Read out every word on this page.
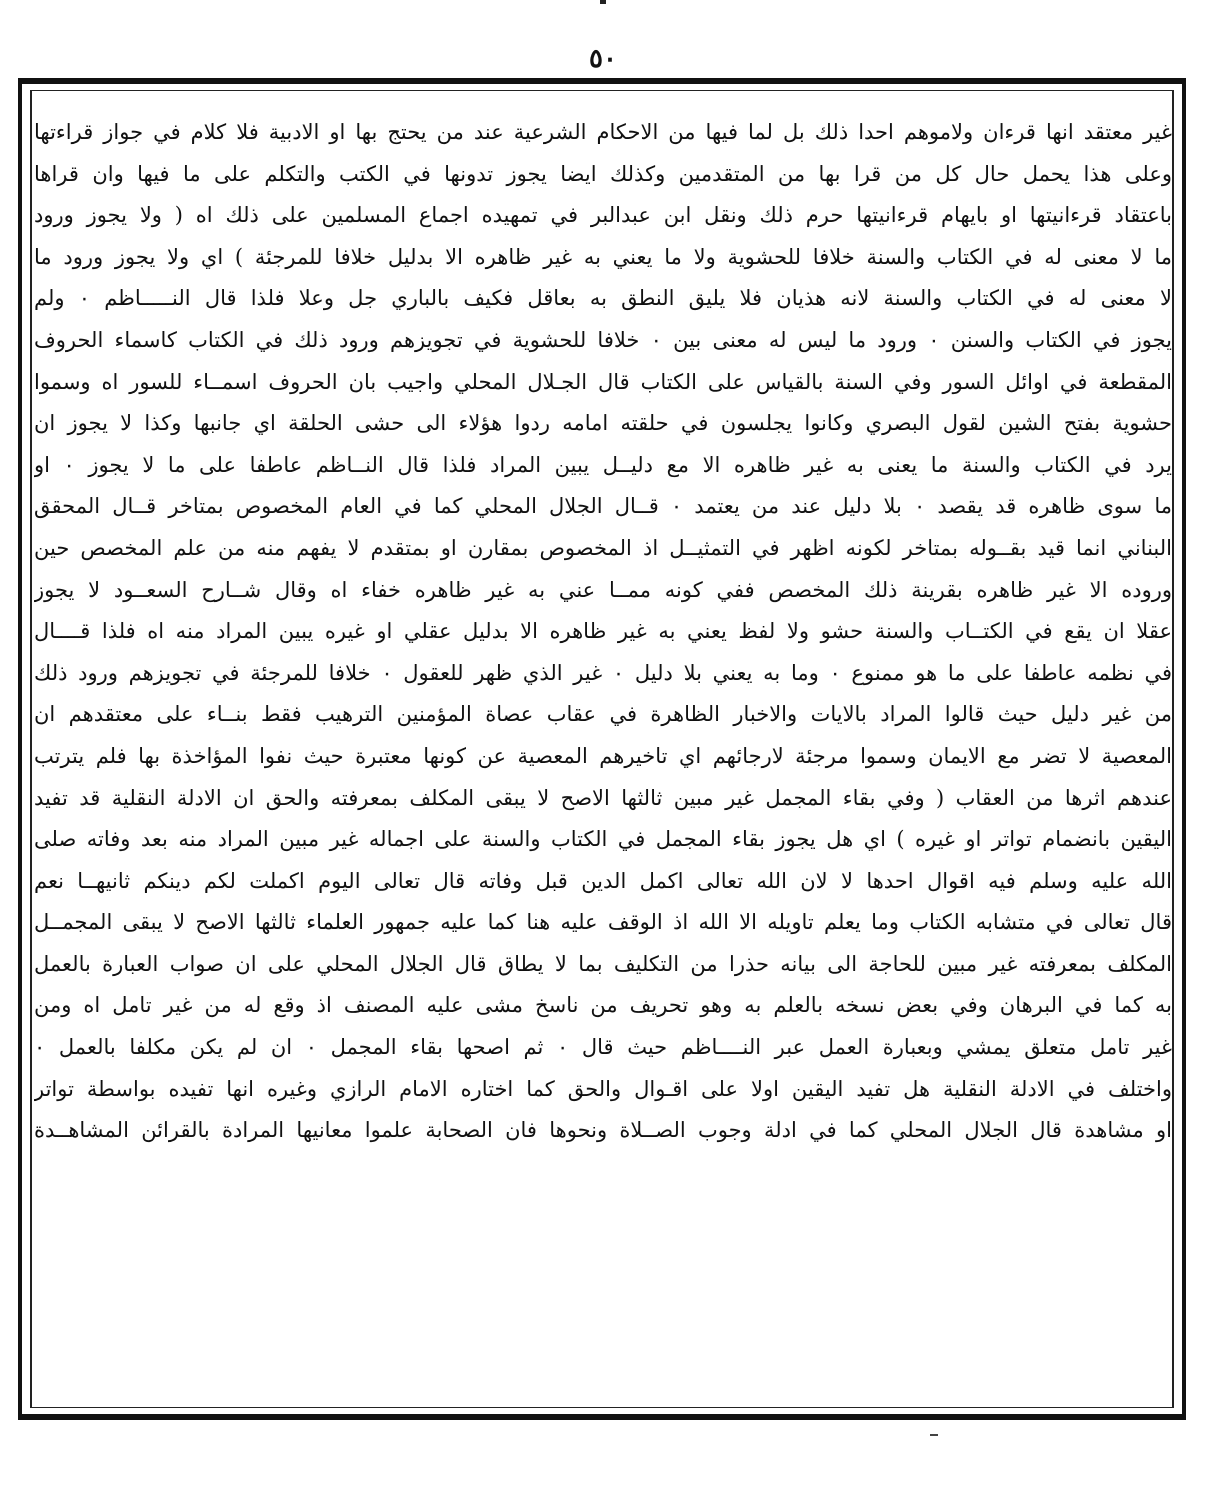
٥٠
غير معتقد انها قرءان ولاموهم احدا ذلك بل لما فيها من الاحكام الشرعية عند من يحتج بها او الادبية فلا كلام في جواز قراءتها
وعلى هذا يحمل حال كل من قرا بها من المتقدمين وكذلك ايضا يجوز تدونها في الكتب والتكلم على ما فيها وان قراها
باعتقاد قرءانيتها او بايهام قرءانيتها حرم ذلك ونقل ابن عبدالبر في تمهيده اجماع المسلمين على ذلك اه ( ولا يجوز ورود
ما لا معنى له في الكتاب والسنة خلافا للحشوية ولا ما يعني به غير ظاهره الا بدليل خلافا للمرجئة ) اي ولا يجوز ورود ما
لا معنى له في الكتاب والسنة لانه هذيان فلا يليق النطق به بعاقل فكيف بالباري جل وعلا فلذا قال النـــــاظم ۰ ولم
يجوز في الكتاب والسنن ۰ ورود ما ليس له معنى بين ۰ خلافا للحشوية في تجويزهم ورود ذلك في الكتاب كاسماء الحروف
المقطعة في اوائل السور وفي السنة بالقياس على الكتاب قال الجـلال المحلي واجيب بان الحروف اسمــاء للسور اه وسموا
حشوية بفتح الشين لقول البصري وكانوا يجلسون في حلقته امامه ردوا هؤلاء الى حشى الحلقة اي جانبها وكذا لا يجوز ان
يرد في الكتاب والسنة ما يعنى به غير ظاهره الا مع دليــل يبين المراد فلذا قال النــاظم عاطفا على ما لا يجوز ۰ او
ما سوى ظاهره قد يقصد ۰ بلا دليل عند من يعتمد ۰ قــال الجلال المحلي كما في العام المخصوص بمتاخر قــال المحقق
البناني انما قيد بقــوله بمتاخر لكونه اظهر في التمثيــل اذ المخصوص بمقارن او بمتقدم لا يفهم منه من علم المخصص حين
وروده الا غير ظاهره بقرينة ذلك المخصص ففي كونه ممــا عني به غير ظاهره خفاء اه وقال شــارح السعــود لا يجوز
عقلا ان يقع في الكتــاب والسنة حشو ولا لفظ يعني به غير ظاهره الا بدليل عقلي او غيره يبين المراد منه اه فلذا قــــال
في نظمه عاطفا على ما هو ممنوع ۰ وما به يعني بلا دليل ۰ غير الذي ظهر للعقول ۰ خلافا للمرجئة في تجويزهم ورود ذلك
من غير دليل حيث قالوا المراد بالايات والاخبار الظاهرة في عقاب عصاة المؤمنين الترهيب فقط بنــاء على معتقدهم ان
المعصية لا تضر مع الايمان وسموا مرجئة لارجائهم اي تاخيرهم المعصية عن كونها معتبرة حيث نفوا المؤاخذة بها فلم يترتب
عندهم اثرها من العقاب ( وفي بقاء المجمل غير مبين ثالثها الاصح لا يبقى المكلف بمعرفته والحق ان الادلة النقلية قد تفيد
اليقين بانضمام تواتر او غيره ) اي هل يجوز بقاء المجمل في الكتاب والسنة على اجماله غير مبين المراد منه بعد وفاته صلى
الله عليه وسلم فيه اقوال احدها لا لان الله تعالى اكمل الدين قبل وفاته قال تعالى اليوم اكملت لكم دينكم ثانيهــا نعم
قال تعالى في متشابه الكتاب وما يعلم تاويله الا الله اذ الوقف عليه هنا كما عليه جمهور العلماء ثالثها الاصح لا يبقى المجمــل
المكلف بمعرفته غير مبين للحاجة الى بيانه حذرا من التكليف بما لا يطاق قال الجلال المحلي على ان صواب العبارة بالعمل
به كما في البرهان وفي بعض نسخه بالعلم به وهو تحريف من ناسخ مشى عليه المصنف اذ وقع له من غير تامل اه ومن
غير تامل متعلق يمشي وبعبارة العمل عبر النــــاظم حيث قال ۰ ثم اصحها بقاء المجمل ۰ ان لم يكن مكلفا بالعمل ۰
واختلف في الادلة النقلية هل تفيد اليقين اولا على اقـوال والحق كما اختاره الامام الرازي وغيره انها تفيده بواسطة تواتر
او مشاهدة قال الجلال المحلي كما في ادلة وجوب الصــلاة ونحوها فان الصحابة علموا معانيها المرادة بالقرائن المشاهــدة
